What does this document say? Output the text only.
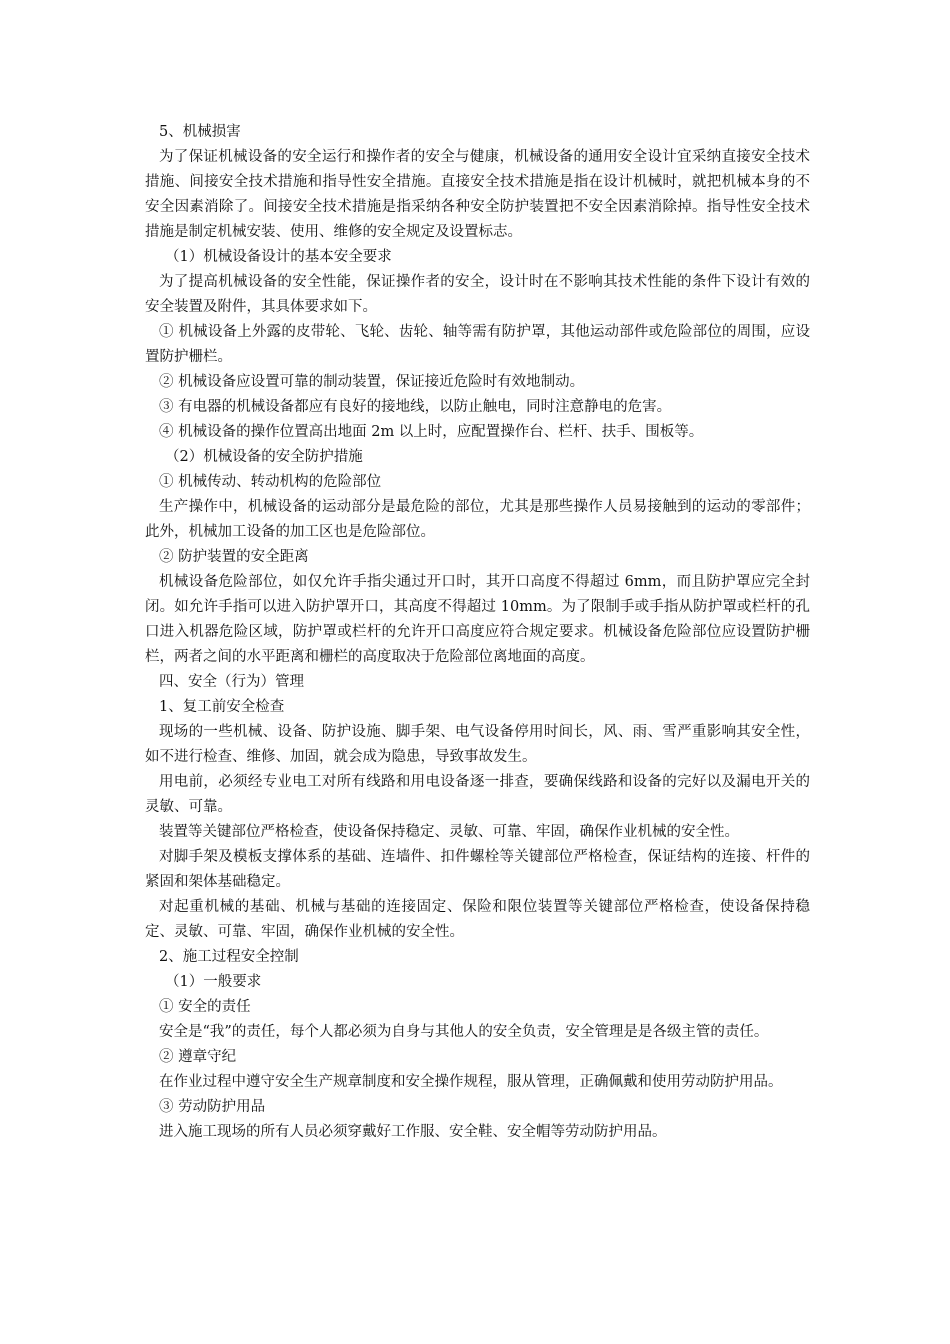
5、机械损害

为了保证机械设备的安全运行和操作者的安全与健康，机械设备的通用安全设计宜采纳直接安全技术措施、间接安全技术措施和指导性安全措施。直接安全技术措施是指在设计机械时，就把机械本身的不安全因素消除了。间接安全技术措施是指采纳各种安全防护装置把不安全因素消除掉。指导性安全技术措施是制定机械安装、使用、维修的安全规定及设置标志。

（1）机械设备设计的基本安全要求

为了提高机械设备的安全性能，保证操作者的安全，设计时在不影响其技术性能的条件下设计有效的安全装置及附件，其具体要求如下。

① 机械设备上外露的皮带轮、飞轮、齿轮、轴等需有防护罩，其他运动部件或危险部位的周围，应设置防护栅栏。

② 机械设备应设置可靠的制动装置，保证接近危险时有效地制动。

③ 有电器的机械设备都应有良好的接地线，以防止触电，同时注意静电的危害。

④ 机械设备的操作位置高出地面 2m 以上时，应配置操作台、栏杆、扶手、围板等。

（2）机械设备的安全防护措施

① 机械传动、转动机构的危险部位

生产操作中，机械设备的运动部分是最危险的部位，尤其是那些操作人员易接触到的运动的零部件；此外，机械加工设备的加工区也是危险部位。

② 防护装置的安全距离

机械设备危险部位，如仅允许手指尖通过开口时，其开口高度不得超过 6mm，而且防护罩应完全封闭。如允许手指可以进入防护罩开口，其高度不得超过 10mm。为了限制手或手指从防护罩或栏杆的孔口进入机器危险区域，防护罩或栏杆的允许开口高度应符合规定要求。机械设备危险部位应设置防护栅栏，两者之间的水平距离和栅栏的高度取决于危险部位离地面的高度。

四、安全（行为）管理

1、复工前安全检查

现场的一些机械、设备、防护设施、脚手架、电气设备停用时间长，风、雨、雪严重影响其安全性，如不进行检查、维修、加固，就会成为隐患，导致事故发生。

用电前，必须经专业电工对所有线路和用电设备逐一排查，要确保线路和设备的完好以及漏电开关的灵敏、可靠。

装置等关键部位严格检查，使设备保持稳定、灵敏、可靠、牢固，确保作业机械的安全性。

对脚手架及模板支撑体系的基础、连墙件、扣件螺栓等关键部位严格检查，保证结构的连接、杆件的紧固和架体基础稳定。

对起重机械的基础、机械与基础的连接固定、保险和限位装置等关键部位严格检查，使设备保持稳定、灵敏、可靠、牢固，确保作业机械的安全性。

2、施工过程安全控制

（1）一般要求

① 安全的责任

安全是“我”的责任，每个人都必须为自身与其他人的安全负责，安全管理是是各级主管的责任。

② 遵章守纪

在作业过程中遵守安全生产规章制度和安全操作规程，服从管理，正确佩戴和使用劳动防护用品。

③ 劳动防护用品

进入施工现场的所有人员必须穿戴好工作服、安全鞋、安全帽等劳动防护用品。
